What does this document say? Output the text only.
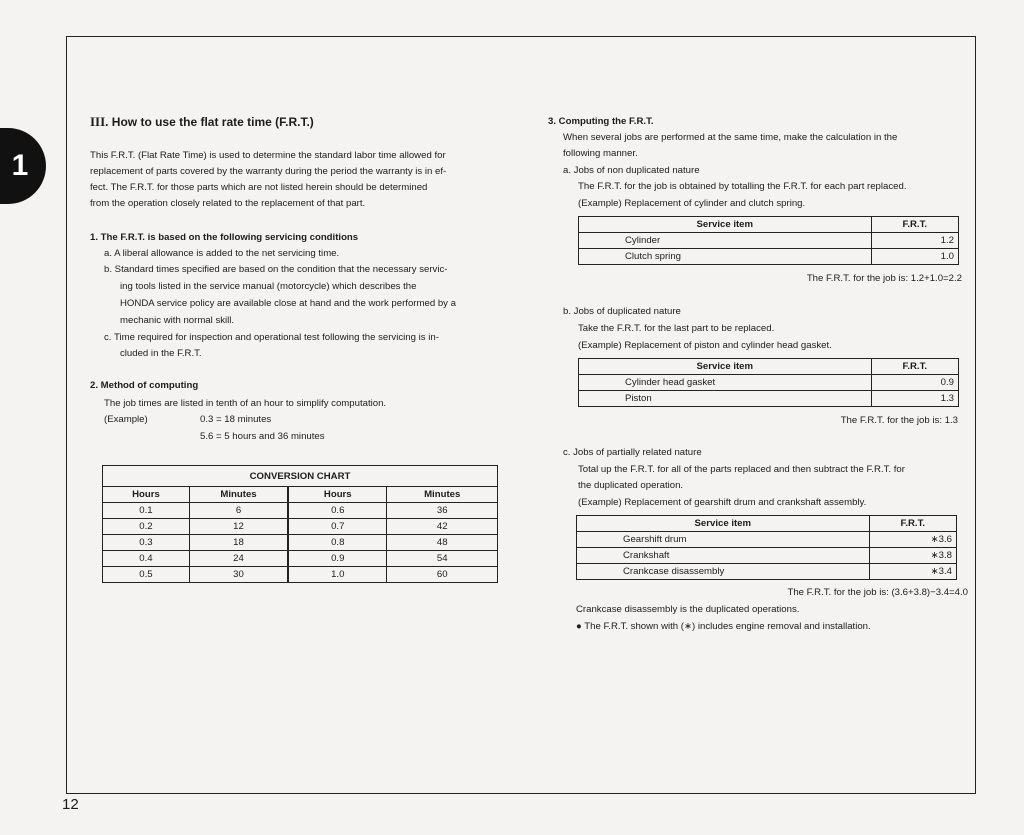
1
12
III. How to use the flat rate time (F.R.T.)
This F.R.T. (Flat Rate Time) is used to determine the standard labor time allowed for
replacement of parts covered by the warranty during the period the warranty is in ef-
fect. The F.R.T. for those parts which are not listed herein should be determined
from the operation closely related to the replacement of that part.
1. The F.R.T. is based on the following servicing conditions
a. A liberal allowance is added to the net servicing time.
b. Standard times specified are based on the condition that the necessary servic-
ing tools listed in the service manual (motorcycle) which describes the
HONDA service policy are available close at hand and the work performed by a
mechanic with normal skill.
c. Time required for inspection and operational test following the servicing is in-
cluded in the F.R.T.
2. Method of computing
The job times are listed in tenth of an hour to simplify computation.
(Example)	0.3 = 18 minutes
5.6 = 5 hours and 36 minutes
CONVERSION CHART			
Hours	Minutes	Hours	Minutes
0.1	6	0.6	36
0.2	12	0.7	42
0.3	18	0.8	48
0.4	24	0.9	54
0.5	30	1.0	60
3. Computing the F.R.T.
When several jobs are performed at the same time, make the calculation in the
following manner.
a. Jobs of non duplicated nature
The F.R.T. for the job is obtained by totalling the F.R.T. for each part replaced.
(Example) Replacement of cylinder and clutch spring.
Service item	F.R.T.
Cylinder	1.2
Clutch spring	1.0
The F.R.T. for the job is: 1.2+1.0=2.2
b. Jobs of duplicated nature
Take the F.R.T. for the last part to be replaced.
(Example) Replacement of piston and cylinder head gasket.
Service item	F.R.T.
Cylinder head gasket	0.9
Piston	1.3
The F.R.T. for the job is: 1.3
c. Jobs of partially related nature
Total up the F.R.T. for all of the parts replaced and then subtract the F.R.T. for
the duplicated operation.
(Example) Replacement of gearshift drum and crankshaft assembly.
Service item	F.R.T.
Gearshift drum	∗3.6
Crankshaft	∗3.8
Crankcase disassembly	∗3.4
The F.R.T. for the job is: (3.6+3.8)−3.4=4.0
Crankcase disassembly is the duplicated operations.
● The F.R.T. shown with (∗) includes engine removal and installation.
